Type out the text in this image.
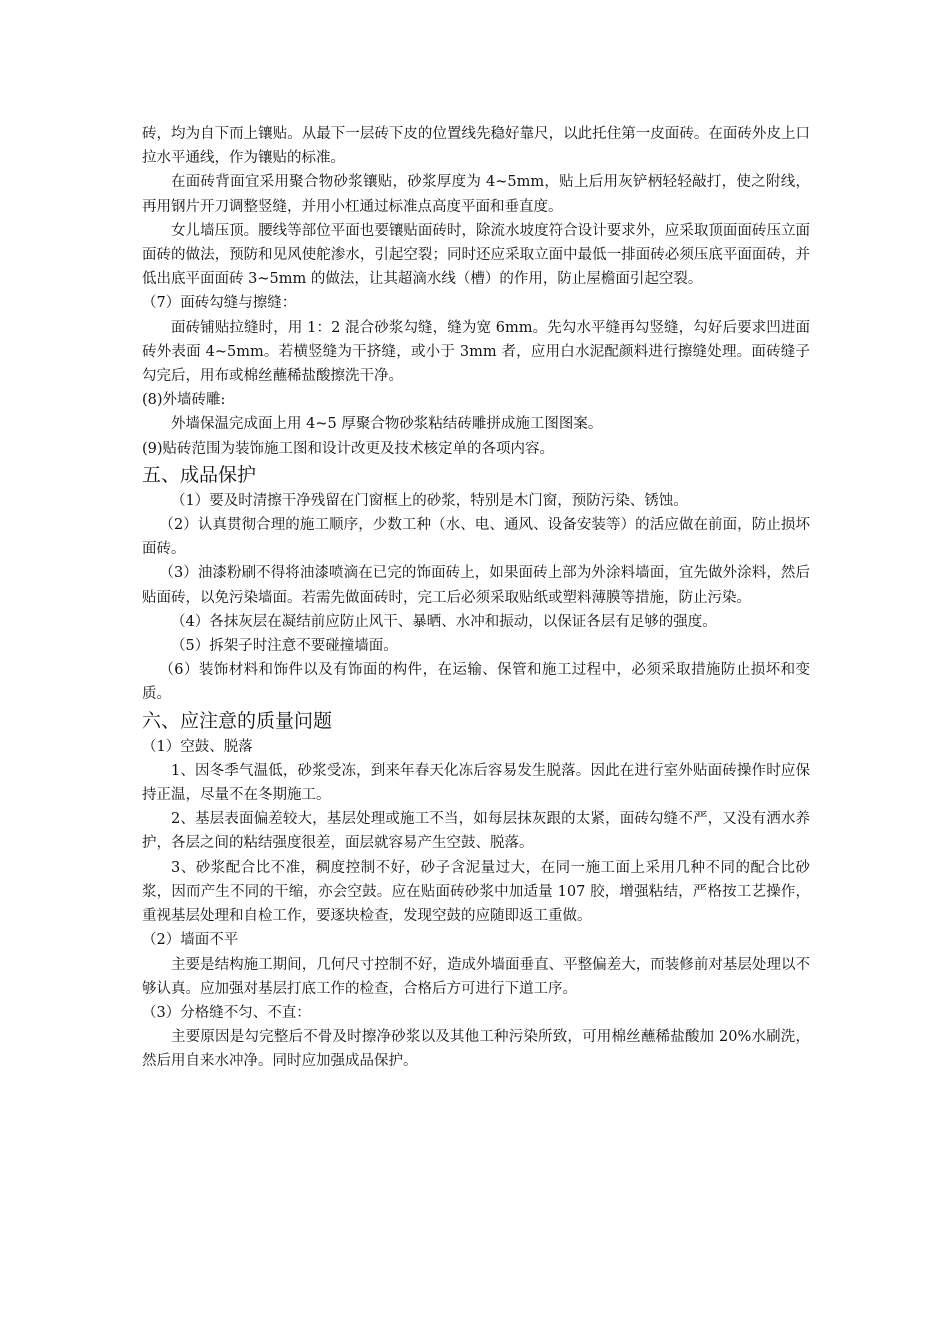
砖，均为自下而上镶贴。从最下一层砖下皮的位置线先稳好靠尺，以此托住第一皮面砖。在面砖外皮上口拉水平通线，作为镶贴的标准。

在面砖背面宜采用聚合物砂浆镶贴，砂浆厚度为 4~5mm，贴上后用灰铲柄轻轻敲打，使之附线， 再用钢片开刀调整竖缝，并用小杠通过标准点高度平面和垂直度。

女儿墙压顶。腰线等部位平面也要镶贴面砖时，除流水坡度符合设计要求外，应采取顶面面砖压立面面砖的做法，预防和见风使舵渗水，引起空裂；同时还应采取立面中最低一排面砖必须压底平面面砖，并低出底平面面砖 3~5mm 的做法，让其超滴水线（槽）的作用，防止屋檐面引起空裂。

（7）面砖勾缝与擦缝：

面砖铺贴拉缝时，用 1：2 混合砂浆勾缝，缝为宽 6mm。先勾水平缝再勾竖缝，勾好后要求凹进面砖外表面 4~5mm。若横竖缝为干挤缝，或小于 3mm 者，应用白水泥配颜料进行擦缝处理。面砖缝子勾完后，用布或棉丝蘸稀盐酸擦洗干净。

(8)外墙砖雕:

外墙保温完成面上用 4~5 厚聚合物砂浆粘结砖雕拼成施工图图案。

(9)贴砖范围为装饰施工图和设计改更及技术核定单的各项内容。

五、成品保护

（1）要及时清擦干净残留在门窗框上的砂浆，特别是木门窗，预防污染、锈蚀。

（2）认真贯彻合理的施工顺序，少数工种（水、电、通风、设备安装等）的活应做在前面，防止损坏面砖。

（3）油漆粉刷不得将油漆喷滴在已完的饰面砖上，如果面砖上部为外涂料墙面，宜先做外涂料，然后贴面砖，以免污染墙面。若需先做面砖时，完工后必须采取贴纸或塑料薄膜等措施，防止污染。

（4）各抹灰层在凝结前应防止风干、暴晒、水冲和振动，以保证各层有足够的强度。

（5）拆架子时注意不要碰撞墙面。

（6）装饰材料和饰件以及有饰面的构件，在运输、保管和施工过程中，必须采取措施防止损坏和变质。

六、应注意的质量问题

（1）空鼓、脱落

1、因冬季气温低，砂浆受冻，到来年春天化冻后容易发生脱落。因此在进行室外贴面砖操作时应保持正温，尽量不在冬期施工。

2、基层表面偏差较大，基层处理或施工不当，如每层抹灰跟的太紧，面砖勾缝不严，又没有洒水养护，各层之间的粘结强度很差，面层就容易产生空鼓、脱落。

3、砂浆配合比不准，稠度控制不好，砂子含泥量过大，在同一施工面上采用几种不同的配合比砂浆，因而产生不同的干缩，亦会空鼓。应在贴面砖砂浆中加适量 107 胶，增强粘结，严格按工艺操作，重视基层处理和自检工作，要逐块检查，发现空鼓的应随即返工重做。

（2）墙面不平

主要是结构施工期间，几何尺寸控制不好，造成外墙面垂直、平整偏差大，而装修前对基层处理以不够认真。应加强对基层打底工作的检查，合格后方可进行下道工序。

（3）分格缝不匀、不直：

主要原因是勾完整后不骨及时擦净砂浆以及其他工种污染所致，可用棉丝蘸稀盐酸加 20%水刷洗， 然后用自来水冲净。同时应加强成品保护。
